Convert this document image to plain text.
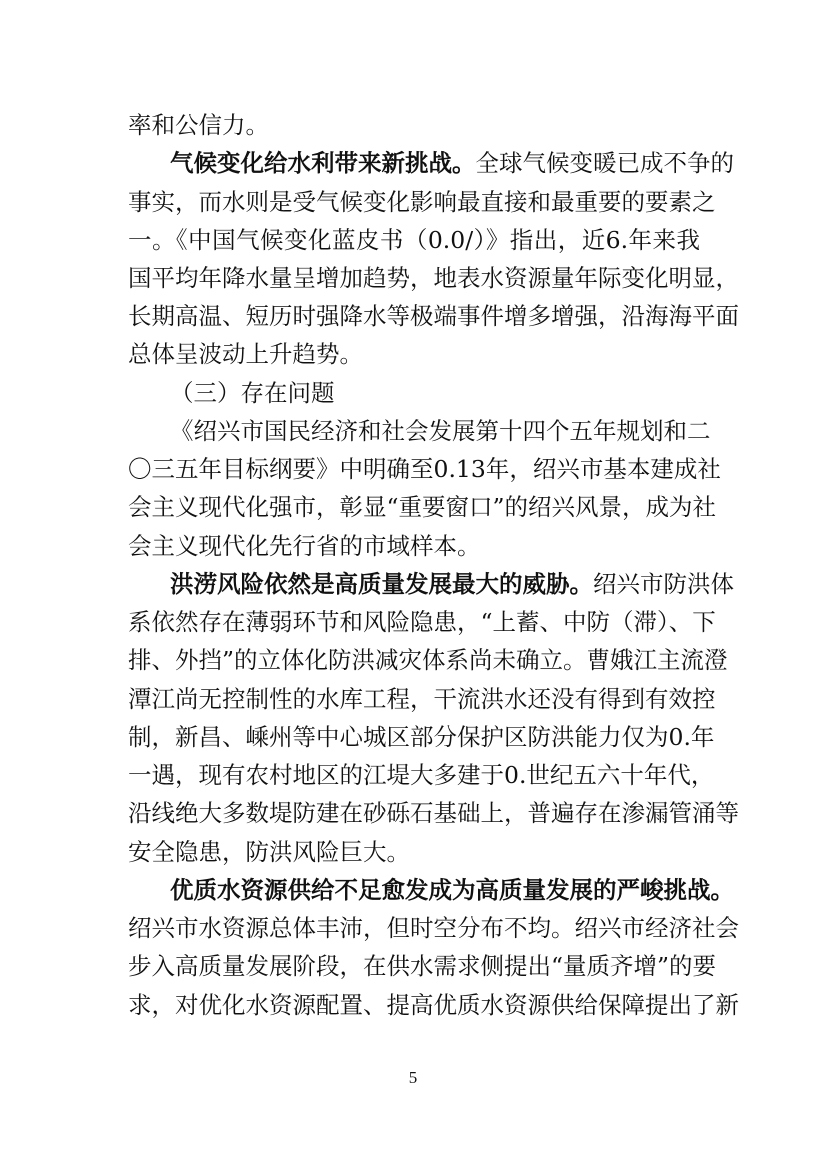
率和公信力。
气候变化给水利带来新挑战。全球气候变暖已成不争的
事实，而水则是受气候变化影响最直接和最重要的要素之
一。《中国气候变化蓝皮书（0.0/）》指出，近6.年来我
国平均年降水量呈增加趋势，地表水资源量年际变化明显，
长期高温、短历时强降水等极端事件增多增强，沿海海平面
总体呈波动上升趋势。
（三）存在问题
《绍兴市国民经济和社会发展第十四个五年规划和二
〇三五年目标纲要》中明确至0.13年，绍兴市基本建成社
会主义现代化强市，彰显“重要窗口”的绍兴风景，成为社
会主义现代化先行省的市域样本。
洪涝风险依然是高质量发展最大的威胁。绍兴市防洪体
系依然存在薄弱环节和风险隐患，“上蓄、中防（滞）、下
排、外挡”的立体化防洪减灾体系尚未确立。曹娥江主流澄
潭江尚无控制性的水库工程，干流洪水还没有得到有效控
制，新昌、嵊州等中心城区部分保护区防洪能力仅为0.年
一遇，现有农村地区的江堤大多建于0.世纪五六十年代，
沿线绝大多数堤防建在砂砾石基础上，普遍存在渗漏管涌等
安全隐患，防洪风险巨大。
优质水资源供给不足愈发成为高质量发展的严峻挑战。
绍兴市水资源总体丰沛，但时空分布不均。绍兴市经济社会
步入高质量发展阶段，在供水需求侧提出“量质齐增”的要
求，对优化水资源配置、提高优质水资源供给保障提出了新
5
